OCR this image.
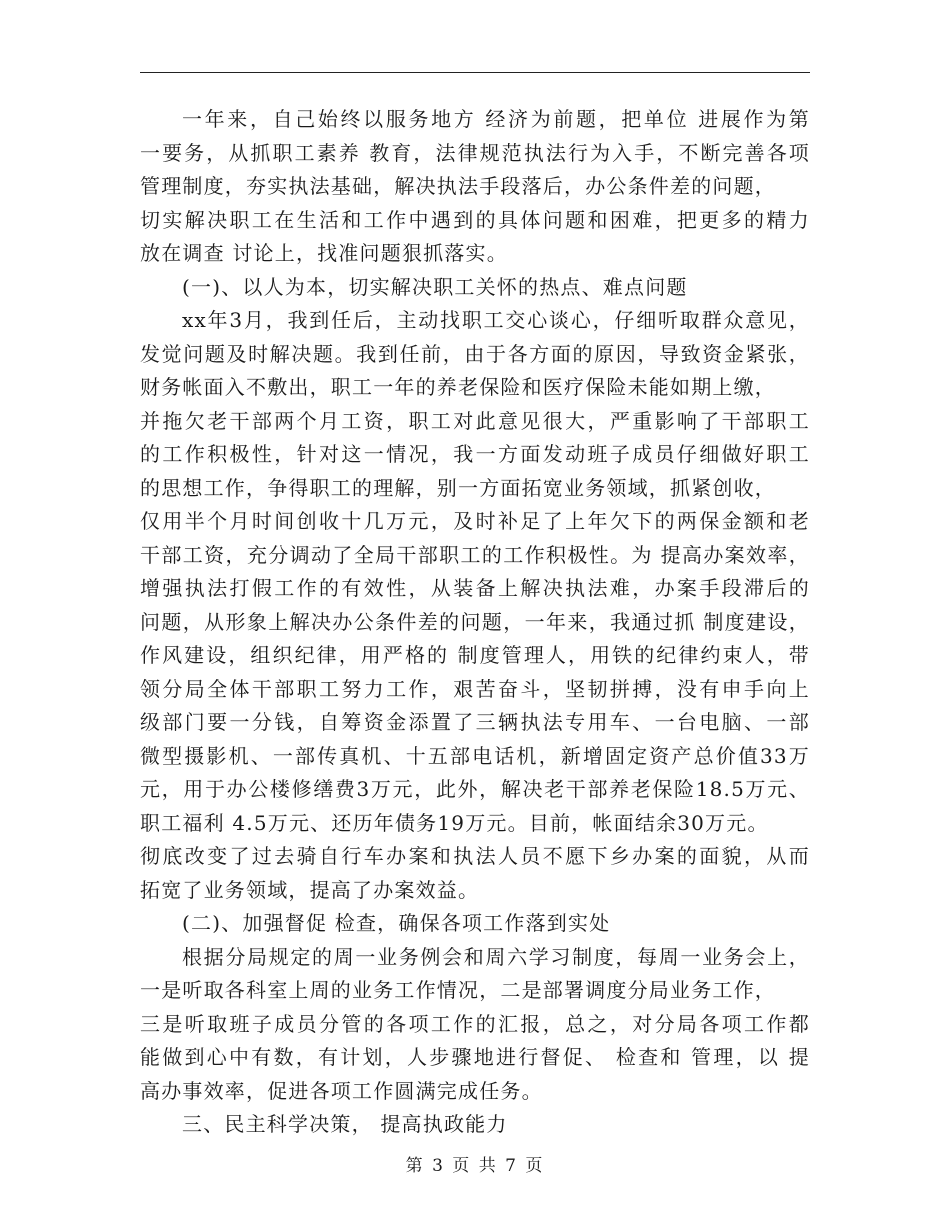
一年来，自己始终以服务地方 经济为前题，把单位 进展作为第
一要务，从抓职工素养 教育，法律规范执法行为入手，不断完善各项
管理制度，夯实执法基础，解决执法手段落后，办公条件差的问题，
切实解决职工在生活和工作中遇到的具体问题和困难，把更多的精力
放在调查 讨论上，找准问题狠抓落实。
(一)、以人为本，切实解决职工关怀的热点、难点问题
xx年3月，我到任后，主动找职工交心谈心，仔细听取群众意见，
发觉问题及时解决题。我到任前，由于各方面的原因，导致资金紧张，
财务帐面入不敷出，职工一年的养老保险和医疗保险未能如期上缴，
并拖欠老干部两个月工资，职工对此意见很大，严重影响了干部职工
的工作积极性，针对这一情况，我一方面发动班子成员仔细做好职工
的思想工作，争得职工的理解，别一方面拓宽业务领域，抓紧创收，
仅用半个月时间创收十几万元，及时补足了上年欠下的两保金额和老
干部工资，充分调动了全局干部职工的工作积极性。为 提高办案效率，
增强执法打假工作的有效性，从装备上解决执法难，办案手段滞后的
问题，从形象上解决办公条件差的问题，一年来，我通过抓 制度建设，
作风建设，组织纪律，用严格的 制度管理人，用铁的纪律约束人，带
领分局全体干部职工努力工作，艰苦奋斗，坚韧拼搏，没有申手向上
级部门要一分钱，自筹资金添置了三辆执法专用车、一台电脑、一部
微型摄影机、一部传真机、十五部电话机，新增固定资产总价值33万
元，用于办公楼修缮费3万元，此外，解决老干部养老保险18.5万元、
职工福利 4.5万元、还历年债务19万元。目前，帐面结余30万元。
彻底改变了过去骑自行车办案和执法人员不愿下乡办案的面貌，从而
拓宽了业务领域，提高了办案效益。
(二)、加强督促 检查，确保各项工作落到实处
根据分局规定的周一业务例会和周六学习制度，每周一业务会上，
一是听取各科室上周的业务工作情况，二是部署调度分局业务工作，
三是听取班子成员分管的各项工作的汇报，总之，对分局各项工作都
能做到心中有数，有计划，人步骤地进行督促、 检查和 管理，以 提
高办事效率，促进各项工作圆满完成任务。
三、民主科学决策， 提高执政能力
第 3 页 共 7 页
